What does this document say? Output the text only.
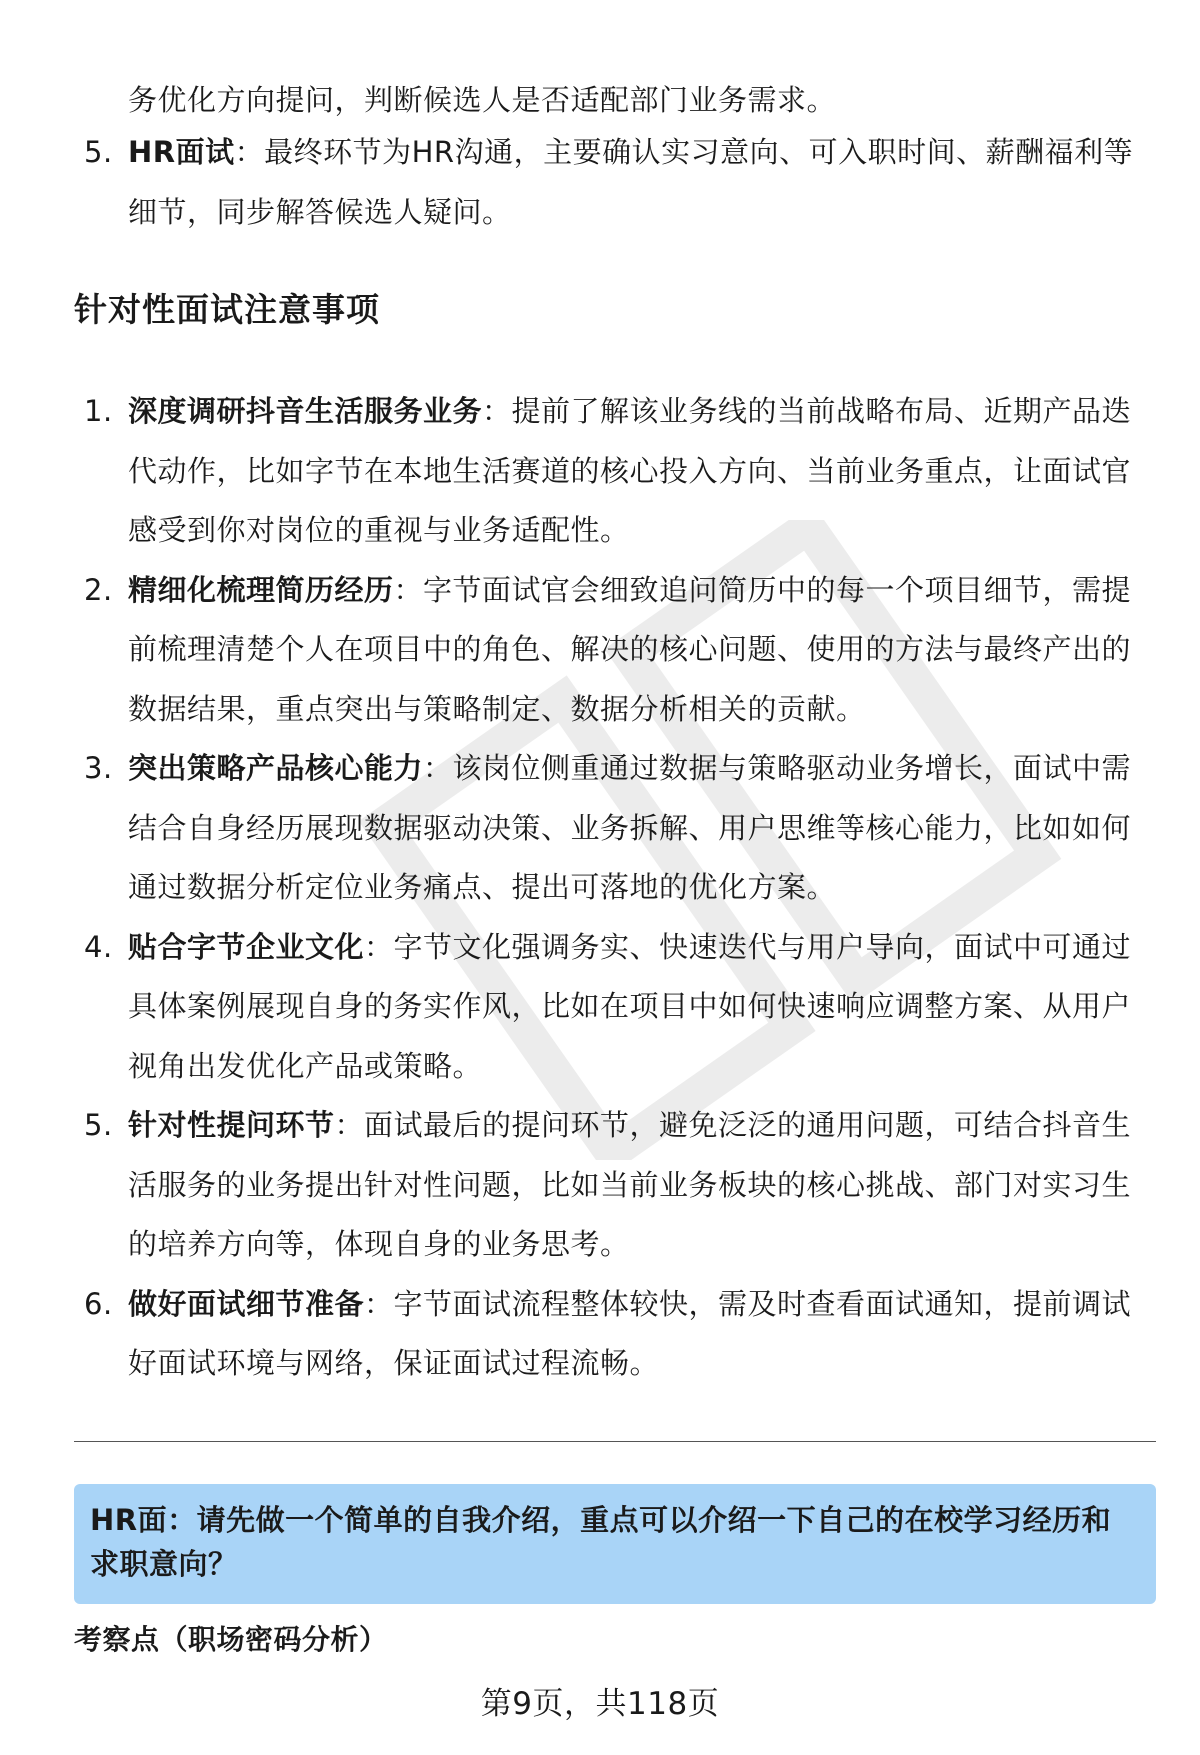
务优化方向提问，判断候选人是否适配部门业务需求。
5. HR面试：最终环节为HR沟通，主要确认实习意向、可入职时间、薪酬福利等
细节，同步解答候选人疑问。
针对性面试注意事项
1. 深度调研抖音生活服务业务：提前了解该业务线的当前战略布局、近期产品迭
代动作，比如字节在本地生活赛道的核心投入方向、当前业务重点，让面试官
感受到你对岗位的重视与业务适配性。
2. 精细化梳理简历经历：字节面试官会细致追问简历中的每一个项目细节，需提
前梳理清楚个人在项目中的角色、解决的核心问题、使用的方法与最终产出的
数据结果，重点突出与策略制定、数据分析相关的贡献。
3. 突出策略产品核心能力：该岗位侧重通过数据与策略驱动业务增长，面试中需
结合自身经历展现数据驱动决策、业务拆解、用户思维等核心能力，比如如何
通过数据分析定位业务痛点、提出可落地的优化方案。
4. 贴合字节企业文化：字节文化强调务实、快速迭代与用户导向，面试中可通过
具体案例展现自身的务实作风，比如在项目中如何快速响应调整方案、从用户
视角出发优化产品或策略。
5. 针对性提问环节：面试最后的提问环节，避免泛泛的通用问题，可结合抖音生
活服务的业务提出针对性问题，比如当前业务板块的核心挑战、部门对实习生
的培养方向等，体现自身的业务思考。
6. 做好面试细节准备：字节面试流程整体较快，需及时查看面试通知，提前调试
好面试环境与网络，保证面试过程流畅。
HR面：请先做一个简单的自我介绍，重点可以介绍一下自己的在校学习经历和
求职意向？
考察点（职场密码分析）
第9页，共118页
